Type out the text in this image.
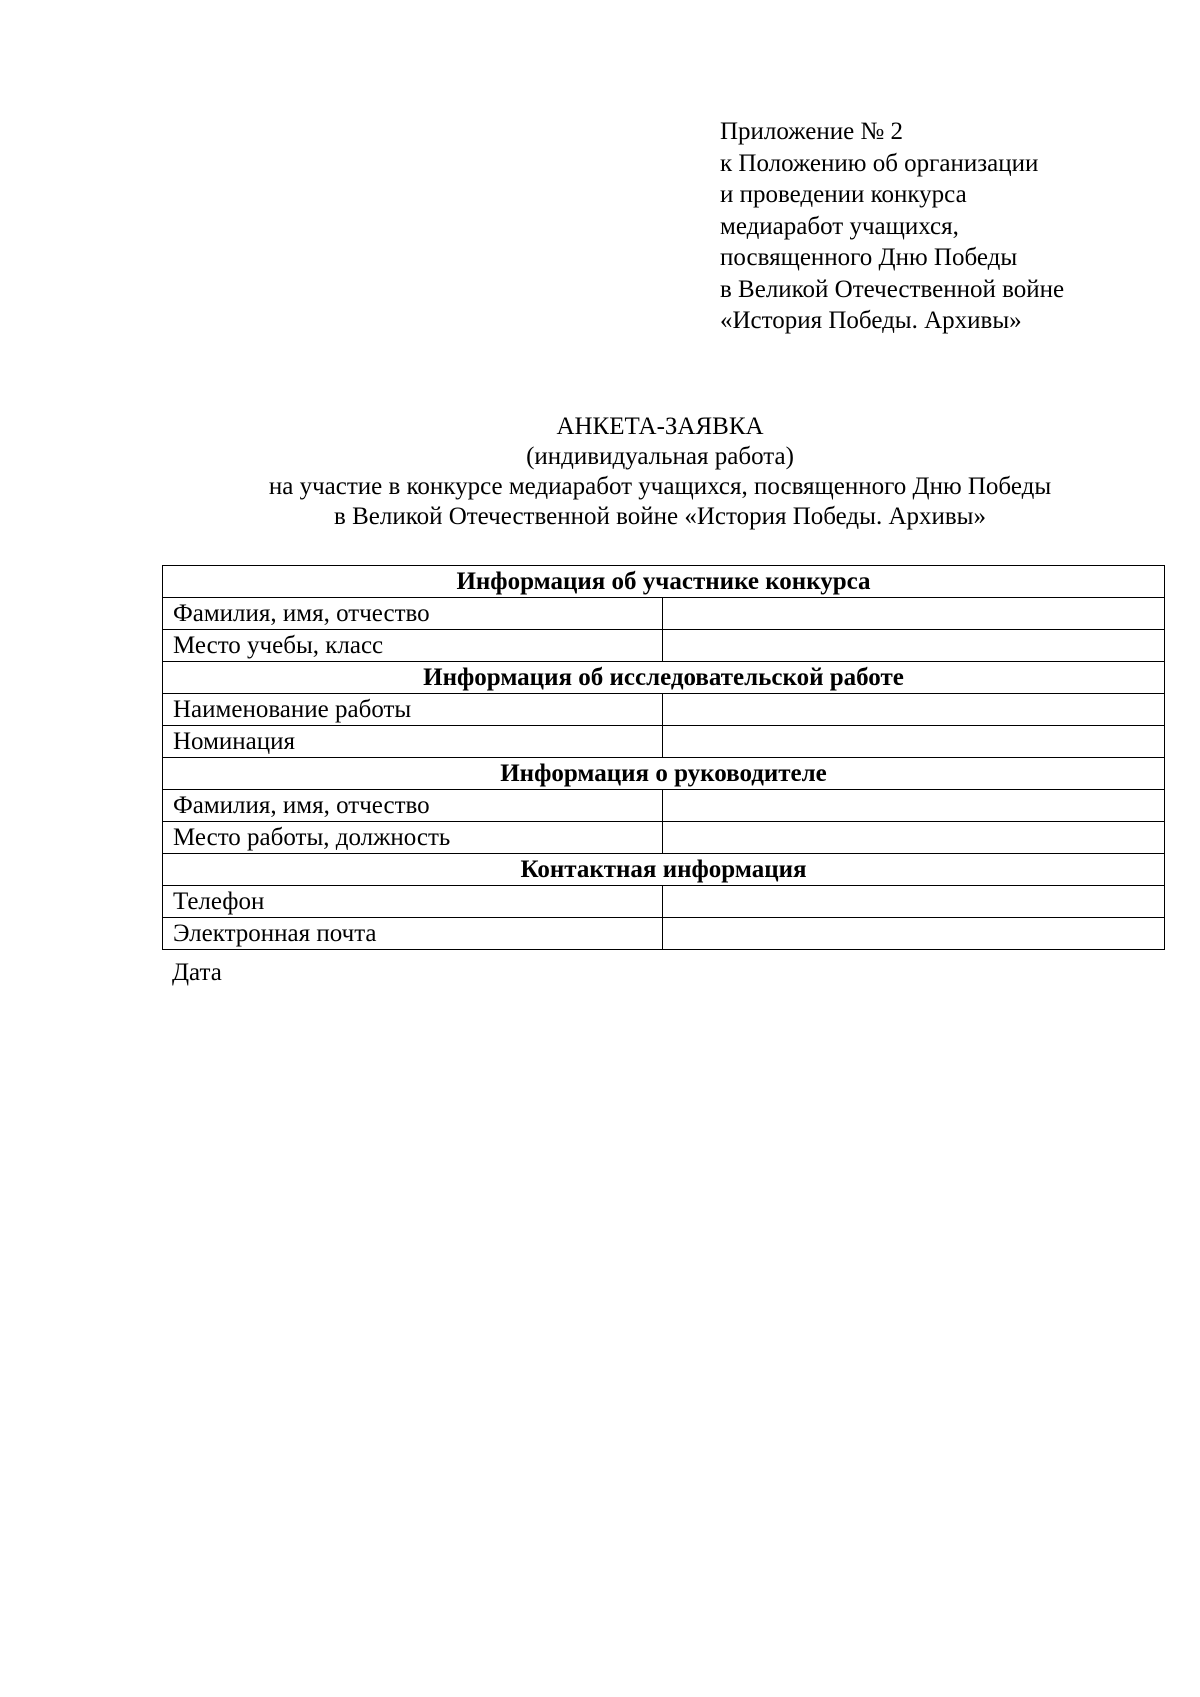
Приложение № 2
к Положению об организации
и проведении конкурса
медиаработ учащихся,
посвященного Дню Победы
в Великой Отечественной войне
«История Победы. Архивы»
АНКЕТА-ЗАЯВКА
(индивидуальная работа)
на участие в конкурсе медиаработ учащихся, посвященного Дню Победы
в Великой Отечественной войне «История Победы. Архивы»
Информация об участнике конкурса	
Фамилия, имя, отчество	
Место учебы, класс	
Информация об исследовательской работе	
Наименование работы	
Номинация	
Информация о руководителе	
Фамилия, имя, отчество	
Место работы, должность	
Контактная информация	
Телефон	
Электронная почта	
Дата
